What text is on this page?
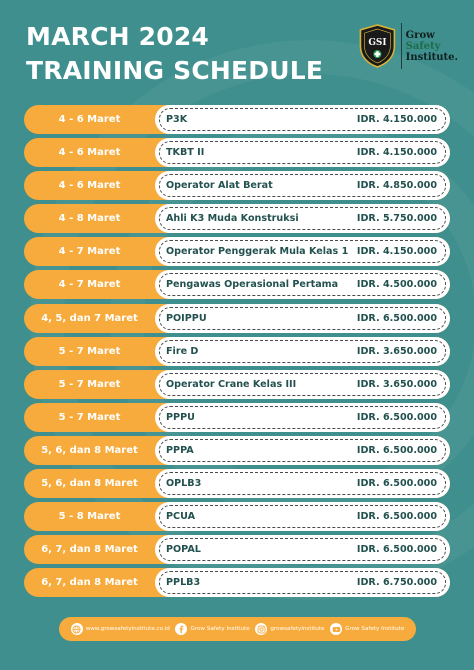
MARCH 2024
TRAINING SCHEDULE
GSI
Grow
Safety
Institute.
4 - 6 Maret	P3K	IDR. 4.150.000
4 - 6 Maret	TKBT II	IDR. 4.150.000
4 - 6 Maret	Operator Alat Berat	IDR. 4.850.000
4 - 8 Maret	Ahli K3 Muda Konstruksi	IDR. 5.750.000
4 - 7 Maret	Operator Penggerak Mula Kelas 1 IDR. 4.150.000
4 - 7 Maret	Pengawas Operasional Pertama IDR. 4.500.000
4, 5, dan 7 Maret	POIPPU	IDR. 6.500.000
5 - 7 Maret	Fire D	IDR. 3.650.000
5 - 7 Maret	Operator Crane Kelas III	IDR. 3.650.000
5 - 7 Maret	PPPU	IDR. 6.500.000
5, 6, dan 8 Maret	PPPA	IDR. 6.500.000
5, 6, dan 8 Maret	OPLB3	IDR. 6.500.000
5 - 8 Maret	PCUA	IDR. 6.500.000
6, 7, dan 8 Maret	POPAL	IDR. 6.500.000
6, 7, dan 8 Maret	PPLB3	IDR. 6.750.000
www.growsafetyinstitute.co.id	Grow Safety Institute	growsafetyinstitute	Grow Safety Institute
